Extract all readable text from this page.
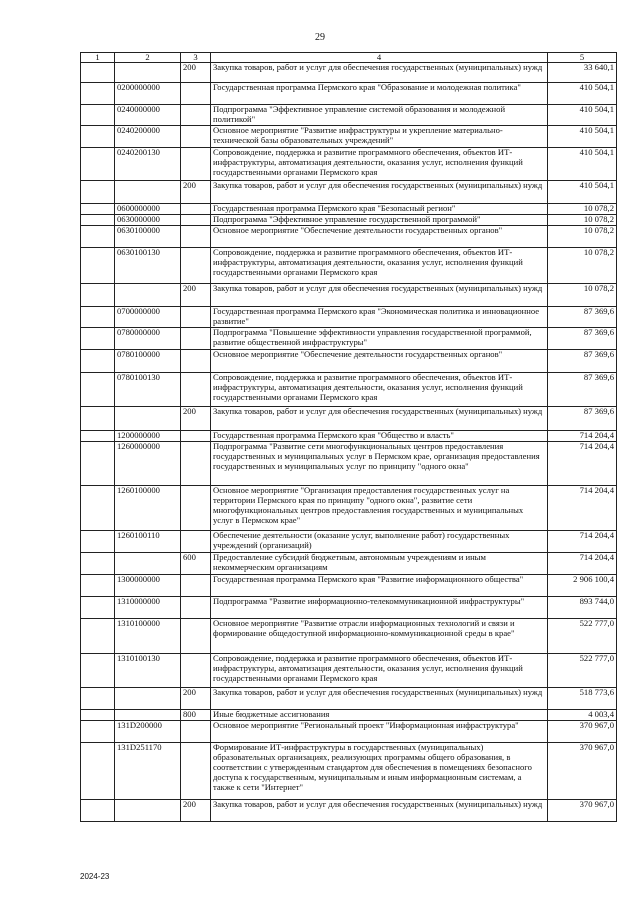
29
1	2	3	4	5
		200	Закупка товаров, работ и услуг для обеспечения государственных (муниципальных) нужд	33 640,1
	0200000000		Государственная программа Пермского края "Образование и молодежная политика"	410 504,1
	0240000000		Подпрограмма "Эффективное управление системой образования и молодежной политикой"	410 504,1
	0240200000		Основное мероприятие "Развитие инфраструктуры и укрепление материально-технической базы образовательных учреждений"	410 504,1
	0240200130		Сопровождение, поддержка и развитие программного обеспечения, объектов ИТ-инфраструктуры, автоматизация деятельности, оказания услуг, исполнения функций государственными органами Пермского края	410 504,1
		200	Закупка товаров, работ и услуг для обеспечения государственных (муниципальных) нужд	410 504,1
	0600000000		Государственная программа Пермского края "Безопасный регион"	10 078,2
	0630000000		Подпрограмма "Эффективное управление государственной программой"	10 078,2
	0630100000		Основное мероприятие "Обеспечение деятельности государственных органов"	10 078,2
	0630100130		Сопровождение, поддержка и развитие программного обеспечения, объектов ИТ-инфраструктуры, автоматизация деятельности, оказания услуг, исполнения функций государственными органами Пермского края	10 078,2
		200	Закупка товаров, работ и услуг для обеспечения государственных (муниципальных) нужд	10 078,2
	0700000000		Государственная программа Пермского края "Экономическая политика и инновационное развитие"	87 369,6
	0780000000		Подпрограмма "Повышение эффективности управления государственной программой, развитие общественной инфраструктуры"	87 369,6
	0780100000		Основное мероприятие "Обеспечение деятельности государственных органов"	87 369,6
	0780100130		Сопровождение, поддержка и развитие программного обеспечения, объектов ИТ-инфраструктуры, автоматизация деятельности, оказания услуг, исполнения функций государственными органами Пермского края	87 369,6
		200	Закупка товаров, работ и услуг для обеспечения государственных (муниципальных) нужд	87 369,6
	1200000000		Государственная программа Пермского края "Общество и власть"	714 204,4
	1260000000		Подпрограмма "Развитие сети многофункциональных центров предоставления государственных и муниципальных услуг в Пермском крае, организация предоставления государственных и муниципальных услуг по принципу "одного окна"	714 204,4
	1260100000		Основное мероприятие "Организация предоставления государственных услуг на территории Пермского края по принципу "одного окна", развитие сети многофункциональных центров предоставления государственных и муниципальных услуг в Пермском крае"	714 204,4
	1260100110		Обеспечение деятельности (оказание услуг, выполнение работ) государственных учреждений (организаций)	714 204,4
		600	Предоставление субсидий бюджетным, автономным учреждениям и иным некоммерческим организациям	714 204,4
	1300000000		Государственная программа Пермского края "Развитие информационного общества"	2 906 100,4
	1310000000		Подпрограмма "Развитие информационно-телекоммуникационной инфраструктуры"	893 744,0
	1310100000		Основное мероприятие "Развитие отрасли информационных технологий и связи и формирование общедоступной информационно-коммуникационной среды в крае"	522 777,0
	1310100130		Сопровождение, поддержка и развитие программного обеспечения, объектов ИТ-инфраструктуры, автоматизация деятельности, оказания услуг, исполнения функций государственными органами Пермского края	522 777,0
		200	Закупка товаров, работ и услуг для обеспечения государственных (муниципальных) нужд	518 773,6
		800	Иные бюджетные ассигнования	4 003,4
	131D200000		Основное мероприятие "Региональный проект "Информационная инфраструктура"	370 967,0
	131D251170		Формирование ИТ-инфраструктуры в государственных (муниципальных) образовательных организациях, реализующих программы общего образования, в соответствии с утвержденным стандартом для обеспечения в помещениях безопасного доступа к государственным, муниципальным и иным информационным системам, а также к сети "Интернет"	370 967,0
		200	Закупка товаров, работ и услуг для обеспечения государственных (муниципальных) нужд	370 967,0
2024-23
